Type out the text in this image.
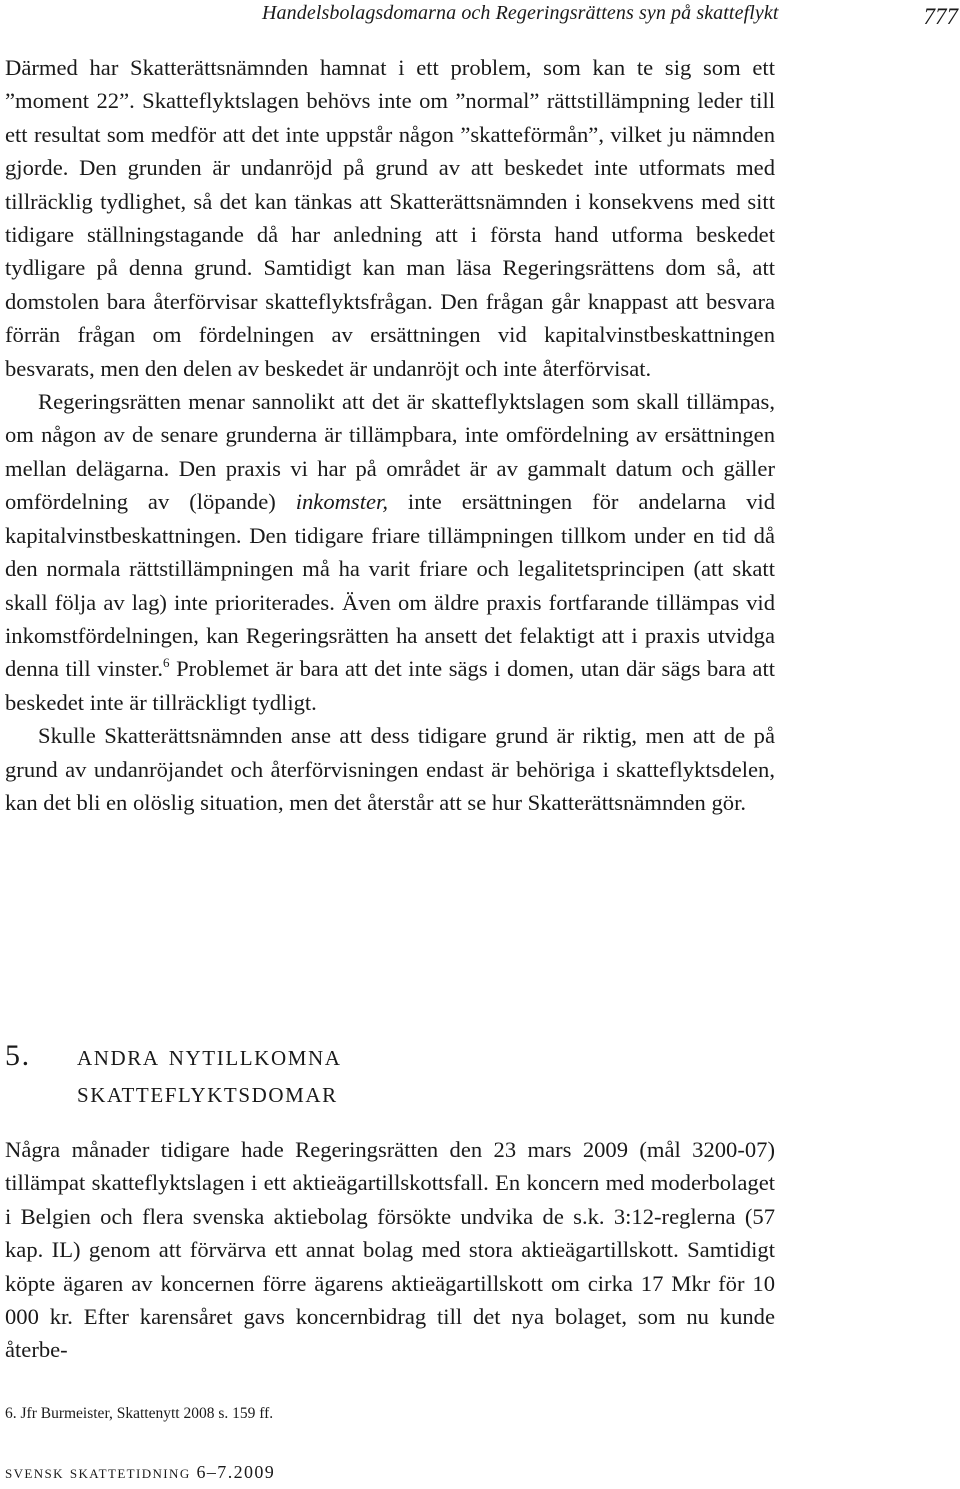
Handelsbolagsdomarna och Regeringsrättens syn på skatteflykt	777

Därmed har Skatterättsnämnden hamnat i ett problem, som kan te sig som ett ”moment 22”. Skatteflyktslagen behövs inte om ”normal” rättstillämpning leder till ett resultat som medför att det inte uppstår någon ”skatteförmån”, vilket ju nämnden gjorde. Den grunden är undanröjd på grund av att beskedet inte utformats med tillräcklig tydlighet, så det kan tänkas att Skatterättsnämnden i konsekvens med sitt tidigare ställningstagande då har anledning att i första hand utforma beskedet tydligare på denna grund. Samtidigt kan man läsa Regeringsrättens dom så, att domstolen bara återförvisar skatteflyktsfrågan. Den frågan går knappast att besvara förrän frågan om fördelningen av ersättningen vid kapitalvinstbeskattningen besvarats, men den delen av beskedet är undanröjt och inte återförvisat.

Regeringsrätten menar sannolikt att det är skatteflyktslagen som skall tillämpas, om någon av de senare grunderna är tillämpbara, inte omfördelning av ersättningen mellan delägarna. Den praxis vi har på området är av gammalt datum och gäller omfördelning av (löpande) inkomster, inte ersättningen för andelarna vid kapitalvinstbeskattningen. Den tidigare friare tillämpningen tillkom under en tid då den normala rättstillämpningen må ha varit friare och legalitetsprincipen (att skatt skall följa av lag) inte prioriterades. Även om äldre praxis fortfarande tillämpas vid inkomstfördelningen, kan Regeringsrätten ha ansett det felaktigt att i praxis utvidga denna till vinster.$^6$ Problemet är bara att det inte sägs i domen, utan där sägs bara att beskedet inte är tillräckligt tydligt.

Skulle Skatterättsnämnden anse att dess tidigare grund är riktig, men att de på grund av undanröjandet och återförvisningen endast är behöriga i skatteflyktsdelen, kan det bli en olöslig situation, men det återstår att se hur Skatterättsnämnden gör.

5.	andra nytillkomna
skatteflyktsdomar

Några månader tidigare hade Regeringsrätten den 23 mars 2009 (mål 3200-07) tillämpat skatteflyktslagen i ett aktieägartillskottsfall. En koncern med moderbolaget i Belgien och flera svenska aktiebolag försökte undvika de s.k. 3:12-reglerna (57 kap. IL) genom att förvärva ett annat bolag med stora aktieägartillskott. Samtidigt köpte ägaren av koncernen förre ägarens aktieägartillskott om cirka 17 Mkr för 10 000 kr. Efter karensåret gavs koncernbidrag till det nya bolaget, som nu kunde återbe-

6. Jfr Burmeister, Skattenytt 2008 s. 159 ff.
svensk skattetidning 6–7.2009
